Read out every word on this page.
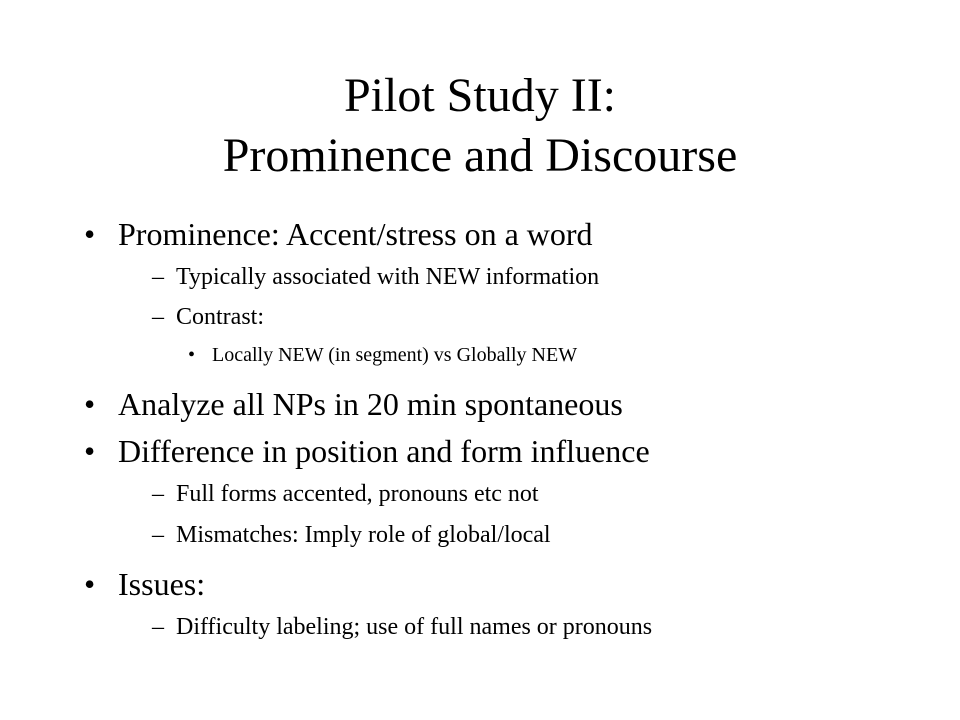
Pilot Study II:
Prominence and Discourse
• Prominence: Accent/stress on a word
– Typically associated with NEW information
– Contrast:
• Locally NEW (in segment) vs Globally NEW
• Analyze all NPs in 20 min spontaneous
• Difference in position and form influence
– Full forms accented, pronouns etc not
– Mismatches: Imply role of global/local
• Issues:
– Difficulty labeling; use of full names or pronouns
